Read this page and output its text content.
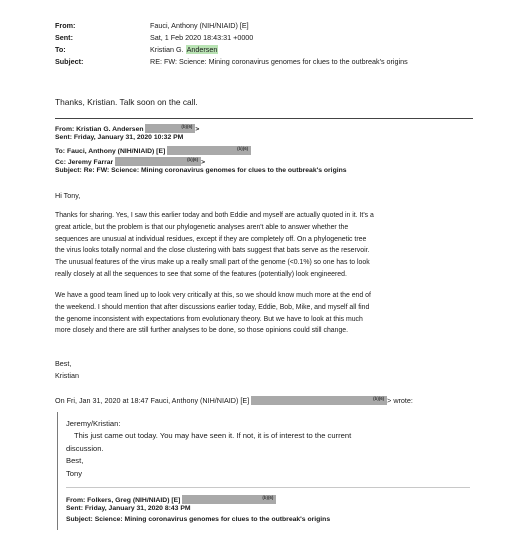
From:	Fauci, Anthony (NIH/NIAID) [E]
Sent:	Sat, 1 Feb 2020 18:43:31 +0000
To:	Kristian G. Andersen
Subject:	RE: FW: Science: Mining coronavirus genomes for clues to the outbreak's origins
Thanks, Kristian. Talk soon on the call.
From: Kristian G. Andersen	(b)(6) >
Sent: Friday, January 31, 2020 10:32 PM
To: Fauci, Anthony (NIH/NIAID) [E]	(b)(6)
Cc: Jeremy Farrar	(b)(6) >
Subject: Re: FW: Science: Mining coronavirus genomes for clues to the outbreak's origins
Hi Tony,
Thanks for sharing. Yes, I saw this earlier today and both Eddie and myself are actually quoted in it. It's a
great article, but the problem is that our phylogenetic analyses aren't able to answer whether the
sequences are unusual at individual residues, except if they are completely off. On a phylogenetic tree
the virus looks totally normal and the close clustering with bats suggest that bats serve as the reservoir.
The unusual features of the virus make up a really small part of the genome (<0.1%) so one has to look
really closely at all the sequences to see that some of the features (potentially) look engineered.
We have a good team lined up to look very critically at this, so we should know much more at the end of
the weekend. I should mention that after discussions earlier today, Eddie, Bob, Mike, and myself all find
the genome inconsistent with expectations from evolutionary theory. But we have to look at this much
more closely and there are still further analyses to be done, so those opinions could still change.
Best,
Kristian
On Fri, Jan 31, 2020 at 18:47 Fauci, Anthony (NIH/NIAID) [E]	(b)(6) > wrote:
Jeremy/Kristian:
This just came out today. You may have seen it. If not, it is of interest to the current
discussion.
Best,
Tony
From: Folkers, Greg (NIH/NIAID) [E]	(b)(6)
Sent: Friday, January 31, 2020 8:43 PM
Subject: Science: Mining coronavirus genomes for clues to the outbreak's origins
